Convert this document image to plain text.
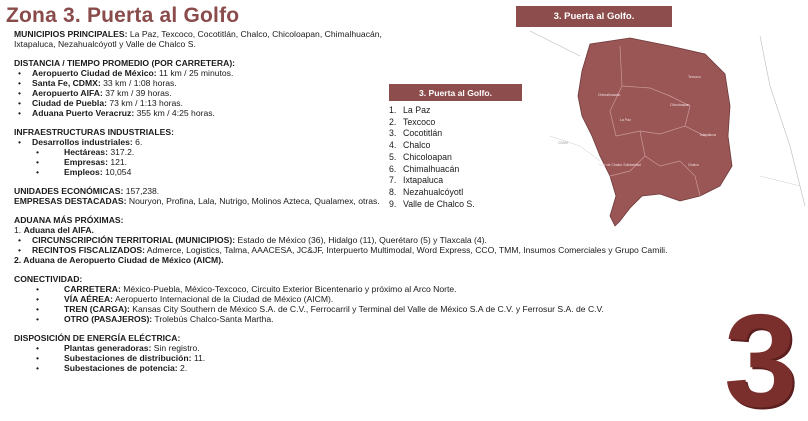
Zona 3. Puerta al Golfo
MUNICIPIOS PRINCIPALES: La Paz, Texcoco, Cocotitlán, Chalco, Chicoloapan, Chimalhuacán,
Ixtapaluca, Nezahualcóyotl y Valle de Chalco S.
DISTANCIA / TIEMPO PROMEDIO (POR CARRETERA):
• Aeropuerto Ciudad de México: 11 km / 25 minutos.
• Santa Fe, CDMX: 33 km / 1:08 horas.
• Aeropuerto AIFA: 37 km / 39 horas.
• Ciudad de Puebla: 73 km / 1:13 horas.
• Aduana Puerto Veracruz: 355 km / 4:25 horas.
INFRAESTRUCTURAS INDUSTRIALES:
• Desarrollos industriales: 6.
• Hectáreas: 317.2.
• Empresas: 121.
• Empleos: 10,054
UNIDADES ECONÓMICAS: 157,238.
EMPRESAS DESTACADAS: Nouryon, Profina, Lala, Nutrigo, Molinos Azteca, Qualamex, otras.
ADUANA MÁS PRÓXIMAS:
1. Aduana del AIFA.
• CIRCUNSCRIPCIÓN TERRITORIAL (MUNICIPIOS): Estado de México (36), Hidalgo (11), Querétaro (5) y Tlaxcala (4).
• RECINTOS FISCALIZADOS: Admerce, Logistics, Talma, AAACESA, JC&JF, Interpuerto Multimodal, Word Express, CCO, TMM, Insumos Comerciales y Grupo Camili.
2. Aduana de Aeropuerto Ciudad de México (AICM).
CONECTIVIDAD:
• CARRETERA: México-Puebla, México-Texcoco, Circuito Exterior Bicentenario y próximo al Arco Norte.
• VÍA AÉREA: Aeropuerto Internacional de la Ciudad de México (AICM).
• TREN (CARGA): Kansas City Southern de México S.A. de C.V., Ferrocarril y Terminal del Valle de México S.A de C.V. y Ferrosur S.A. de C.V.
• OTRO (PASAJEROS): Trolebús Chalco-Santa Martha.
DISPOSICIÓN DE ENERGÍA ELÉCTRICA:
• Plantas generadoras: Sin registro.
• Subestaciones de distribución: 11.
• Subestaciones de potencia: 2.
3. Puerta al Golfo.
Texcoco
Chimalhuacán
Chicoloapan
La Paz
Ixtapaluca
Valle de Chalco Solidaridad	Chalco
CDMX
3. Puerta al Golfo.
1. La Paz
2. Texcoco
3. Cocotitlán
4. Chalco
5. Chicoloapan
6. Chimalhuacán
7. Ixtapaluca
8. Nezahualcóyotl
9. Valle de Chalco S.
3
